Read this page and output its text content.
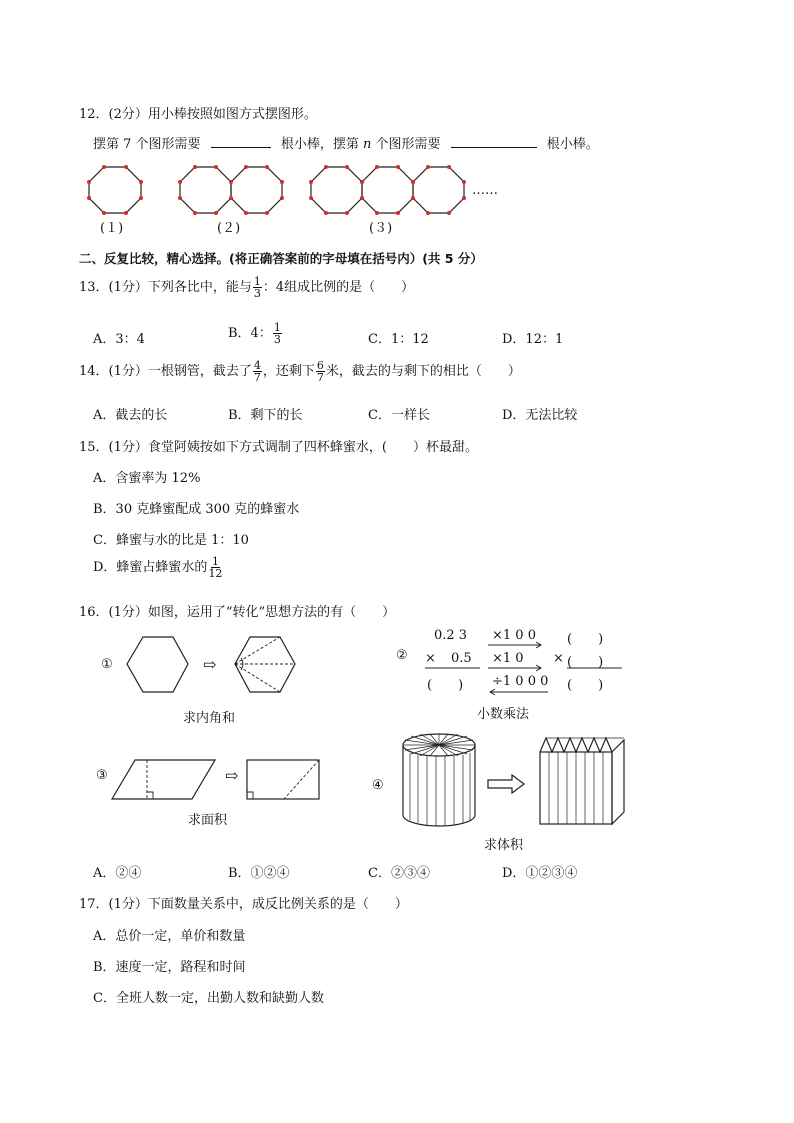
12．(2分）用小棒按照如图方式摆图形。
摆第 7 个图形需要	根小棒，摆第 n 个图形需要	根小棒。
……
(１)	(２)	(３)
二、反复比较，精心选择。(将正确答案前的字母填在括号内）(共 5 分）
13．(1分）下列各比中，能与 $\frac{1}{3}$ ：4组成比例的是（　　）
A．3：4	B．4： $\frac{1}{3}$	C．1：12	D．12：1
14．(1分）一根钢管，截去了 $\frac{4}{7}$ ，还剩下 $\frac{6}{7}$ 米，截去的与剩下的相比（　　）
A．截去的长	B．剩下的长	C．一样长	D．无法比较
15．(1分）食堂阿姨按如下方式调制了四杯蜂蜜水，(　　）杯最甜。
A．含蜜率为 12%
B．30 克蜂蜜配成 300 克的蜂蜜水
C．蜂蜜与水的比是 1：10
D．蜂蜜占蜂蜜水的 $\frac{1}{12}$
16．(1分）如图，运用了“转化”思想方法的有（　　）
①	⇨	②
③	⇨
④
0.2 3
× 0.5
(　　)
×1 0 0
×1 0
÷1 0 0 0
(　　)
× (　　)
(　　)
求内角和	小数乘法
求面积
求体积
A．②④	B．①②④	C．②③④	D．①②③④
17．(1分）下面数量关系中，成反比例关系的是（　　）
A．总价一定，单价和数量
B．速度一定，路程和时间
C．全班人数一定，出勤人数和缺勤人数
